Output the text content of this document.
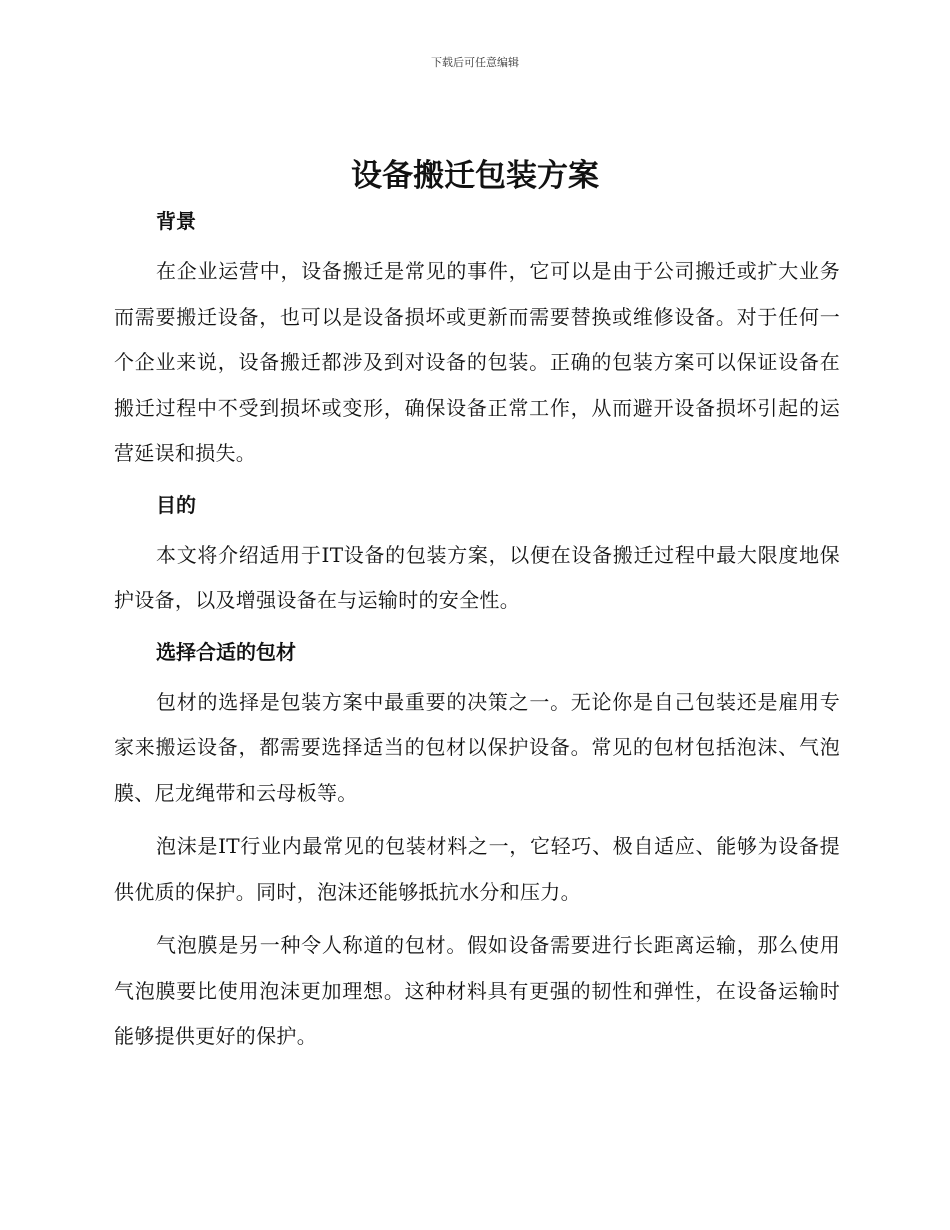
下载后可任意编辑
设备搬迁包装方案
背景

在企业运营中，设备搬迁是常见的事件，它可以是由于公司搬迁或扩大业务而需要搬迁设备，也可以是设备损坏或更新而需要替换或维修设备。对于任何一个企业来说，设备搬迁都涉及到对设备的包装。正确的包装方案可以保证设备在搬迁过程中不受到损坏或变形，确保设备正常工作，从而避开设备损坏引起的运营延误和损失。

目的

本文将介绍适用于IT设备的包装方案，以便在设备搬迁过程中最大限度地保护设备，以及增强设备在与运输时的安全性。

选择合适的包材

包材的选择是包装方案中最重要的决策之一。无论你是自己包装还是雇用专家来搬运设备，都需要选择适当的包材以保护设备。常见的包材包括泡沫、气泡膜、尼龙绳带和云母板等。

泡沫是IT行业内最常见的包装材料之一，它轻巧、极自适应、能够为设备提供优质的保护。同时，泡沫还能够抵抗水分和压力。

气泡膜是另一种令人称道的包材。假如设备需要进行长距离运输，那么使用气泡膜要比使用泡沫更加理想。这种材料具有更强的韧性和弹性，在设备运输时能够提供更好的保护。
